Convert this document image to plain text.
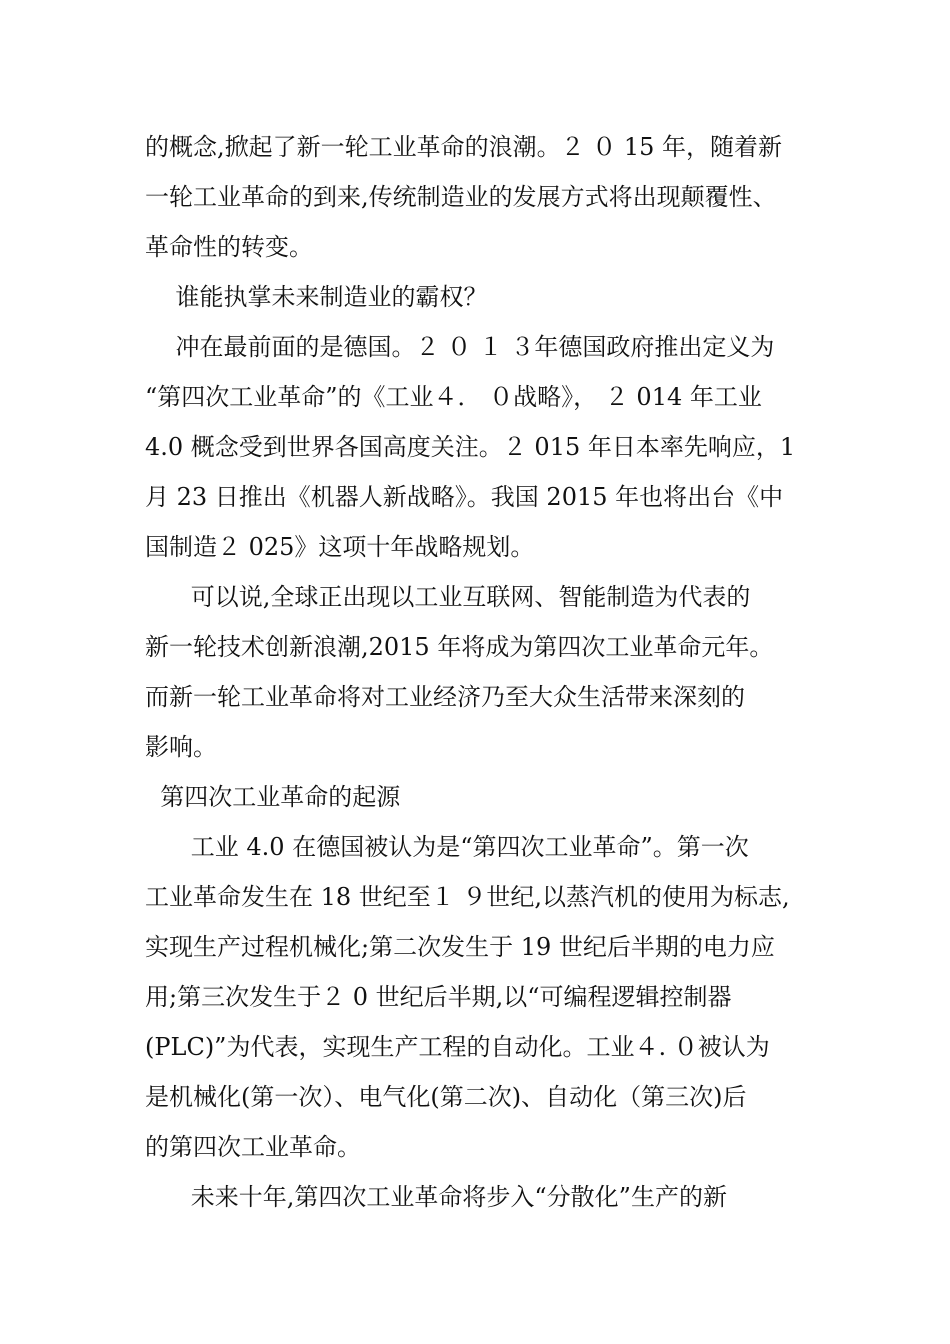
的概念,掀起了新一轮工业革命的浪潮。２ ０ 15 年，随着新
一轮工业革命的到来,传统制造业的发展方式将出现颠覆性、
革命性的转变。
谁能执掌未来制造业的霸权？
冲在最前面的是德国。２ ０ １ ３年德国政府推出定义为
“第四次工业革命”的《工业４． ０战略》， ２ 014 年工业
4.0 概念受到世界各国高度关注。２ 015 年日本率先响应，1
月 23 日推出《机器人新战略》。我国 2015 年也将出台《中
国制造２ 025》这项十年战略规划。
可以说,全球正出现以工业互联网、智能制造为代表的
新一轮技术创新浪潮,2015 年将成为第四次工业革命元年。
而新一轮工业革命将对工业经济乃至大众生活带来深刻的
影响。
第四次工业革命的起源
工业 4.0 在德国被认为是“第四次工业革命”。第一次
工业革命发生在 18 世纪至１ ９世纪,以蒸汽机的使用为标志,
实现生产过程机械化;第二次发生于 19 世纪后半期的电力应
用;第三次发生于２ 0 世纪后半期,以“可编程逻辑控制器
(PLC)”为代表，实现生产工程的自动化。工业４. ０被认为
是机械化(第一次）、电气化(第二次)、自动化（第三次)后
的第四次工业革命。
未来十年,第四次工业革命将步入“分散化”生产的新
